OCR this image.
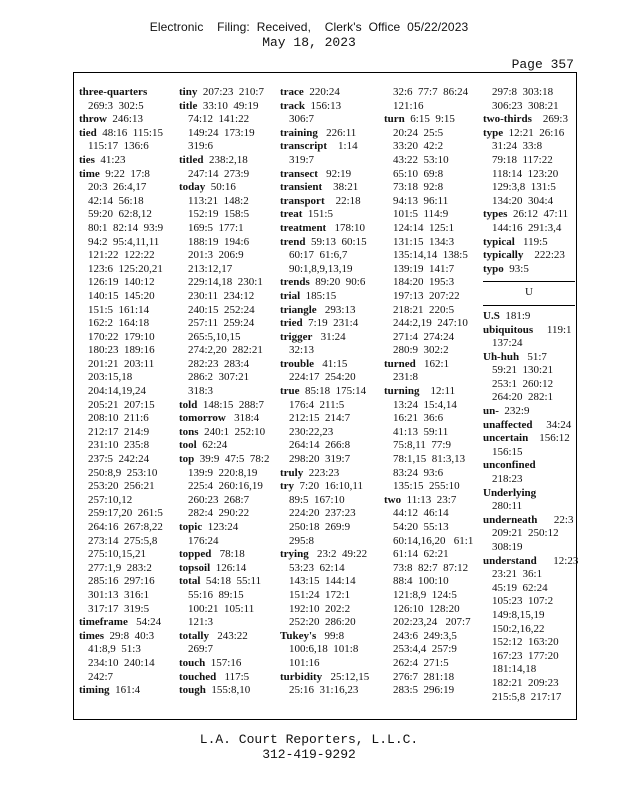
Electronic    Filing:  Received,    Clerk's  Office  05/22/2023
May 18, 2023
Page 357
three-quarters
269:3  302:5
throw  246:13
tied  48:16  115:15
115:17  136:6
ties  41:23
time  9:22  17:8
20:3  26:4,17
42:14  56:18
59:20  62:8,12
80:1  82:14  93:9
94:2  95:4,11,11
121:22  122:22
123:6  125:20,21
126:19  140:12
140:15  145:20
151:5  161:14
162:2  164:18
170:22  179:10
180:23  189:16
201:21  203:11
203:15,18
204:14,19,24
205:21  207:15
208:10  211:6
212:17  214:9
231:10  235:8
237:5  242:24
250:8,9  253:10
253:20  256:21
257:10,12
259:17,20  261:5
264:16  267:8,22
273:14  275:5,8
275:10,15,21
277:1,9  283:2
285:16  297:16
301:13  316:1
317:17  319:5
timeframe   54:24
times  29:8  40:3
41:8,9  51:3
234:10  240:14
242:7
timing  161:4
tiny  207:23  210:7
title  33:10  49:19
74:12  141:22
149:24  173:19
319:6
titled  238:2,18
247:14  273:9
today  50:16
113:21  148:2
152:19  158:5
169:5  177:1
188:19  194:6
201:3  206:9
213:12,17
229:14,18  230:1
230:11  234:12
240:15  252:24
257:11  259:24
265:5,10,15
274:2,20  282:21
282:23  283:4
286:2  307:21
318:3
told  148:15  288:7
tomorrow   318:4
tons  240:1  252:10
tool  62:24
top  39:9  47:5  78:2
139:9  220:8,19
225:4  260:16,19
260:23  268:7
282:4  290:22
topic  123:24
176:24
topped   78:18
topsoil  126:14
total  54:18  55:11
55:16  89:15
100:21  105:11
121:3
totally   243:22
269:7
touch  157:16
touched   117:5
tough  155:8,10
trace  220:24
track  156:13
306:7
training   226:11
transcript    1:14
319:7
transect   92:19
transient    38:21
transport    22:18
treat  151:5
treatment   178:10
trend  59:13  60:15
60:17  61:6,7
90:1,8,9,13,19
trends  89:20  90:6
trial  185:15
triangle   293:13
tried  7:19  231:4
trigger   31:24
32:13
trouble   41:15
224:17  254:20
true  85:18  175:14
176:4  211:5
212:15  214:7
230:22,23
264:14  266:8
298:20  319:7
truly  223:23
try  7:20  16:10,11
89:5  167:10
224:20  237:23
250:18  269:9
295:8
trying   23:2  49:22
53:23  62:14
143:15  144:14
151:24  172:1
192:10  202:2
252:20  286:20
Tukey's   99:8
100:6,18  101:8
101:16
turbidity   25:12,15
25:16  31:16,23
32:6  77:7  86:24
121:16
turn  6:15  9:15
20:24  25:5
33:20  42:2
43:22  53:10
65:10  69:8
73:18  92:8
94:13  96:11
101:5  114:9
124:14  125:1
131:15  134:3
135:14,14  138:5
139:19  141:7
184:20  195:3
197:13  207:22
218:21  220:5
244:2,19  247:10
271:4  274:24
280:9  302:2
turned   162:1
231:8
turning    12:11
13:24  15:4,14
16:21  36:6
41:13  59:11
75:8,11  77:9
78:1,15  81:3,13
83:24  93:6
135:15  255:10
two  11:13  23:7
44:12  46:14
54:20  55:13
60:14,16,20   61:1
61:14  62:21
73:8  82:7  87:12
88:4  100:10
121:8,9  124:5
126:10  128:20
202:23,24   207:7
243:6  249:3,5
253:4,4  257:9
262:4  271:5
276:7  281:18
283:5  296:19
297:8  303:18
306:23  308:21
two-thirds    269:3
type  12:21  26:16
31:24  33:8
79:18  117:22
118:14  123:20
129:3,8  131:5
134:20  304:4
types  26:12  47:11
144:16  291:3,4
typical   119:5
typically    222:23
typo  93:5
U
U.S  181:9
ubiquitous     119:1
137:24
Uh-huh   51:7
59:21  130:21
253:1  260:12
264:20  282:1
un-  232:9
unaffected     34:24
uncertain    156:12
156:15
unconfined
218:23
Underlying
280:11
underneath      22:3
209:21  250:12
308:19
understand      12:23
23:21  36:1
45:19  62:24
105:23  107:2
149:8,15,19
150:2,16,22
152:12  163:20
167:23  177:20
181:14,18
182:21  209:23
215:5,8  217:17
L.A. Court Reporters, L.L.C.
312-419-9292
